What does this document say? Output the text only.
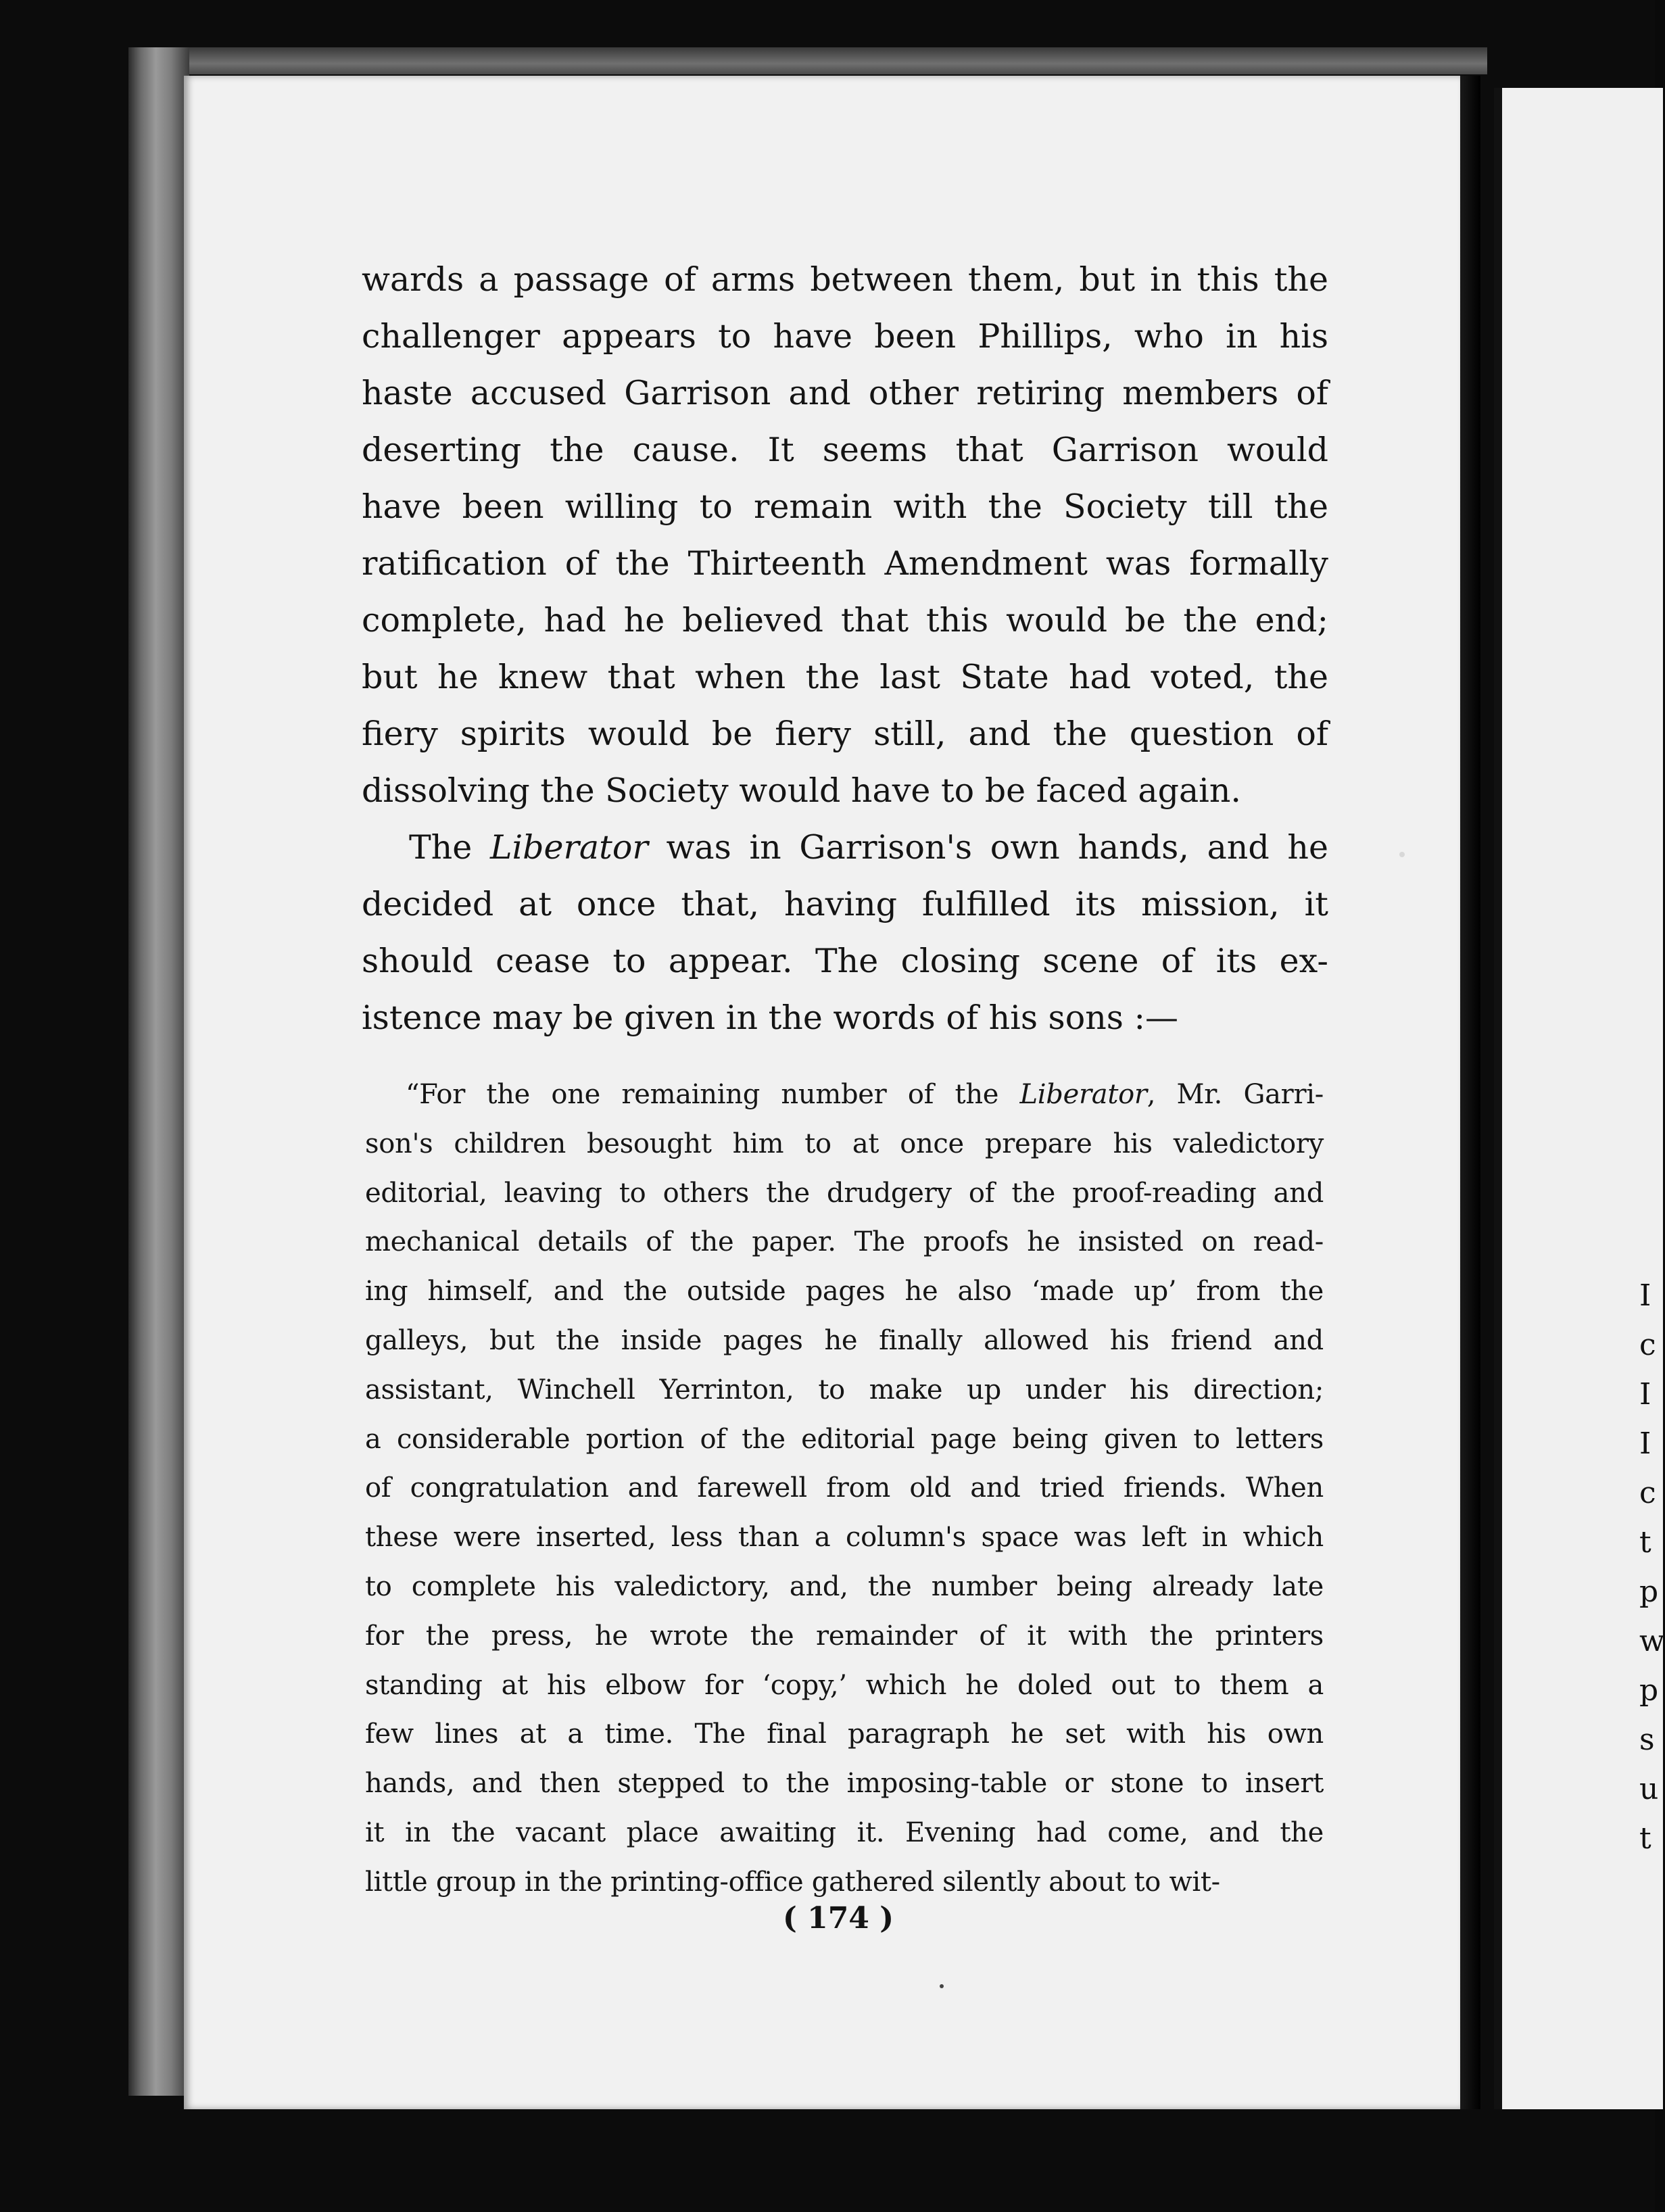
I
c
I
I
c
t
p
w
p
s
u
t

wards a passage of arms between them, but in this the
challenger appears to have been Phillips, who in his
haste accused Garrison and other retiring members of
deserting the cause. It seems that Garrison would
have been willing to remain with the Society till the
ratification of the Thirteenth Amendment was formally
complete, had he believed that this would be the end;
but he knew that when the last State had voted, the
fiery spirits would be fiery still, and the question of
dissolving the Society would have to be faced again.

The Liberator was in Garrison's own hands, and he
decided at once that, having fulfilled its mission, it
should cease to appear. The closing scene of its ex-
istence may be given in the words of his sons :—

“For the one remaining number of the Liberator, Mr. Garri-
son's children besought him to at once prepare his valedictory
editorial, leaving to others the drudgery of the proof-reading and
mechanical details of the paper. The proofs he insisted on read-
ing himself, and the outside pages he also ‘made up’ from the
galleys, but the inside pages he finally allowed his friend and
assistant, Winchell Yerrinton, to make up under his direction;
a considerable portion of the editorial page being given to letters
of congratulation and farewell from old and tried friends. When
these were inserted, less than a column's space was left in which
to complete his valedictory, and, the number being already late
for the press, he wrote the remainder of it with the printers
standing at his elbow for ‘copy,’ which he doled out to them a
few lines at a time. The final paragraph he set with his own
hands, and then stepped to the imposing-table or stone to insert
it in the vacant place awaiting it. Evening had come, and the
little group in the printing-office gathered silently about to wit-
( 174 )
